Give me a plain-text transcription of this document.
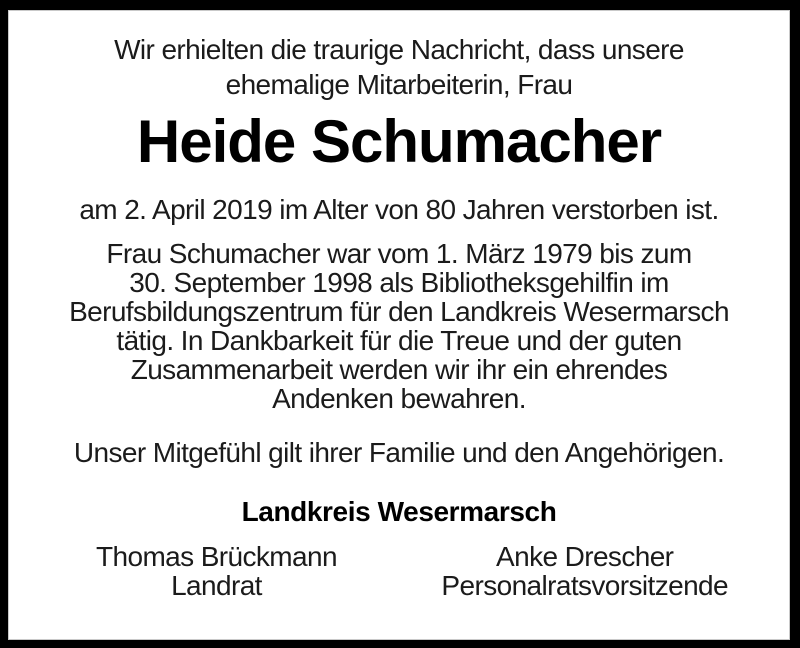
Wir erhielten die traurige Nachricht, dass unsere
ehemalige Mitarbeiterin, Frau
Heide Schumacher
am 2. April 2019 im Alter von 80 Jahren verstorben ist.
Frau Schumacher war vom 1. März 1979 bis zum
30. September 1998 als Bibliotheksgehilfin im
Berufsbildungszentrum für den Landkreis Wesermarsch
tätig. In Dankbarkeit für die Treue und der guten
Zusammenarbeit werden wir ihr ein ehrendes
Andenken bewahren.
Unser Mitgefühl gilt ihrer Familie und den Angehörigen.
Landkreis Wesermarsch
Thomas Brückmann
Landrat
Anke Drescher
Personalratsvorsitzende
